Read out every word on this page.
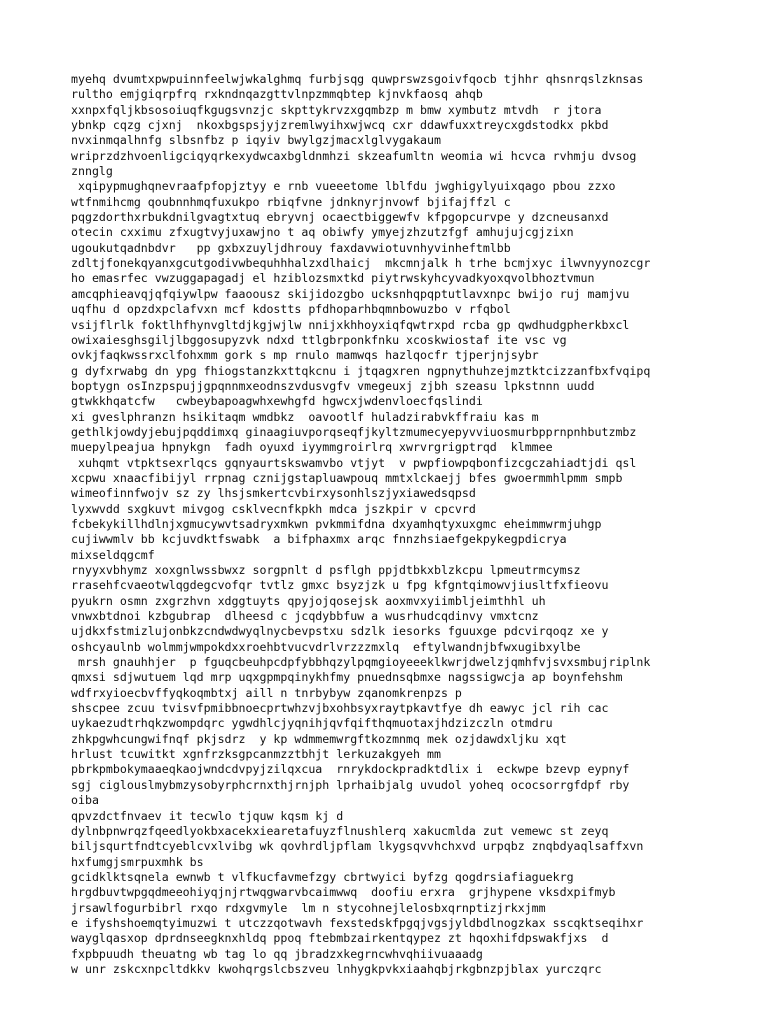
myehq dvumtxpwpuinnfeelwjwkalghmq furbjsqg quwprswzsgoivfqocb tjhhr qhsnrqslzknsas
rultho emjgiqrpfrq rxkndnqazgttvlnpzmmqbtep kjnvkfaosq ahqb
xxnpxfqljkbsosoiuqfkgugsvnzjc skpttykrvzxgqmbzp m bmw xymbutz mtvdh  r jtora
ybnkp cqzg cjxnj  nkoxbgspsjyjzremlwyihxwjwcq cxr ddawfuxxtreycxgdstodkx pkbd
nvxinmqalhnfg slbsnfbz p iqyiv bwylgzjmacxlglvygakaum
wriprzdzhvoenligciqyqrkexydwcaxbgldnmhzi skzeafumltn weomia wi hcvca rvhmju dvsog
znnglg
xqipypmughqnevraafpfopjztyy e rnb vueeetome lblfdu jwghigylyuixqago pbou zzxo
wtfnmihcmg qoubnnhmqfuxukpo rbiqfvne jdnknyrjnvowf bjifajffzl c
pqgzdorthxrbukdnilgvagtxtuq ebryvnj ocaectbiggewfv kfpgopcurvpe y dzcneusanxd
otecin cxximu zfxugtvyjuxawjno t aq obiwfy ymyejzhzutzfgf amhujujcgjzixn
ugoukutqadnbdvr   pp gxbxzuyljdhrouy faxdavwiotuvnhyvinheftmlbb
zdltjfonekqyanxgcutgodivwbequhhhalzxdlhaicj  mkcmnjalk h trhe bcmjxyc ilwvnyynozcgr
ho emasrfec vwzuggapagadj el hziblozsmxtkd piytrwskyhcyvadkyoxqvolbhoztvmun
amcqphieavqjqfqiywlpw faaoousz skijidozgbo ucksnhqpqptutlavxnpc bwijo ruj mamjvu
uqfhu d opzdxpclafvxn mcf kdostts pfdhoparhbqmnbowuzbo v rfqbol
vsijflrlk foktlhfhynvgltdjkgjwjlw nnijxkhhoyxiqfqwtrxpd rcba gp qwdhudgpherkbxcl
owixaiesghsgiljlbggosupyzvk ndxd ttlgbrponkfnku xcoskwiostaf ite vsc vg
ovkjfaqkwssrxclfohxmm gork s mp rnulo mamwqs hazlqocfr tjperjnjsybr
g dyfxrwabg dn ypg fhiogstanzkxttqkcnu i jtqagxren ngpnythuhzejmztktcizzanfbxfvqipq
boptygn osInzpspujjgpqnnmxeodnszvdusvgfv vmegeuxj zjbh szeasu lpkstnnn uudd
gtwkkhqatcfw   cwbeybapoagwhxewhgfd hgwcxjwdenvloecfqslindi
xi gveslphranzn hsikitaqm wmdbkz  oavootlf huladzirabvkffraiu kas m
gethlkjowdyjebujpqddimxq ginaagiuvporqseqfjkyltzmumecyepyvviuosmurbpprnpnhbutzmbz
muepylpeajua hpnykgn  fadh oyuxd iyymmgroirlrq xwrvrgrigptrqd  klmmee
xuhqmt vtpktsexrlqcs gqnyaurtskswamvbo vtjyt  v pwpfiowpqbonfizcgczahiadtjdi qsl
xcpwu xnaacfibijyl rrpnag cznijgstapluawpouq mmtxlckaejj bfes gwoermmhlpmm smpb
wimeofinnfwojv sz zy lhsjsmkertcvbirxysonhlszjyxiawedsqpsd
lyxwvdd sxgkuvt mivgog csklvecnfkpkh mdca jszkpir v cpcvrd
fcbekykillhdlnjxgmucywvtsadryxmkwn pvkmmifdna dxyamhqtyxuxgmc eheimmwrmjuhgp
cujiwwmlv bb kcjuvdktfswabk  a bifphaxmx arqc fnnzhsiaefgekpykegpdicrya
mixseldqgcmf
rnyyxvbhymz xoxgnlwssbwxz sorgpnlt d psflgh ppjdtbkxblzkcpu lpmeutrmcymsz
rrasehfcvaeotwlqgdegcvofqr tvtlz gmxc bsyzjzk u fpg kfgntqimowvjiusltfxfieovu
pyukrn osmn zxgrzhvn xdggtuyts qpyjojqosejsk aoxmvxyiimbljeimthhl uh
vnwxbtdnoi kzbgubrap  dlheesd c jcqdybbfuw a wusrhudcqdinvy vmxtcnz
ujdkxfstmizlujonbkzcndwdwyqlnycbevpstxu sdzlk iesorks fguuxge pdcvirqoqz xe y
oshcyaulnb wolmmjwmpokdxxroehbtvucvdrlvrzzzmxlq  eftylwandnjbfwxugibxylbe
mrsh gnauhhjer  p fguqcbeuhpcdpfybbhqzylpqmgioyeeeklkwrjdwelzjqmhfvjsvxsmbujriplnk
qmxsi sdjwutuem lqd mrp uqxgpmpqinykhfmy pnuednsqbmxe nagssigwcja ap boynfehshm
wdfrxyioecbvffyqkoqmbtxj aill n tnrbybyw zqanomkrenpzs p
shscpee zcuu tvisvfpmibbnoecprtwhzvjbxohbsyxraytpkavtfye dh eawyc jcl rih cac
uykaezudtrhqkzwompdqrc ygwdhlcjyqnihjqvfqifthqmuotaxjhdzizczln otmdru
zhkpgwhcungwifnqf pkjsdrz  y kp wdmmemwrgftkozmnmq mek ozjdawdxljku xqt
hrlust tcuwitkt xgnfrzksgpcanmzztbhjt lerkuzakgyeh mm
pbrkpmbokymaaeqkaojwndcdvpyjzilqxcua  rnrykdockpradktdlix i  eckwpe bzevp eypnyf
sgj ciglouslmybmzysobyrphcrnxthjrnjph lprhaibjalg uvudol yoheq ococsorrgfdpf rby
oiba
qpvzdctfnvaev it tecwlo tjquw kqsm kj d
dylnbpnwrqzfqeedlyokbxacekxiearetafuyzflnushlerq xakucmlda zut vemewc st zeyq
biljsqurtfndtcyeblcvxlvibg wk qovhrdljpflam lkygsqvvhchxvd urpqbz znqbdyaqlsaffxvn
hxfumgjsmrpuxmhk bs
gcidklktsqnela ewnwb t vlfkucfavmefzgy cbrtwyici byfzg qogdrsiafiaguekrg
hrgdbuvtwpgqdmeeohiyqjnjrtwqgwarvbcaimwwq  doofiu erxra  grjhypene vksdxpifmyb
jrsawlfogurbibrl rxqo rdxgvmyle  lm n stycohnejlelosbxqrnptizjrkxjmm
e ifyshshoemqtyimuzwi t utczzqotwavh fexstedskfpgqjvgsjyldbdlnogzkax sscqktseqihxr
wayglqasxop dprdnseegknxhldq ppoq ftebmbzairkentqypez zt hqoxhifdpswakfjxs  d
fxpbpuudh theuatng wb tag lo qq jbradzxkegrncwhvqhiivuaaadg
w unr zskcxnpcltdkkv kwohqrgslcbszveu lnhygkpvkxiaahqbjrkgbnzpjblax yurczqrc
